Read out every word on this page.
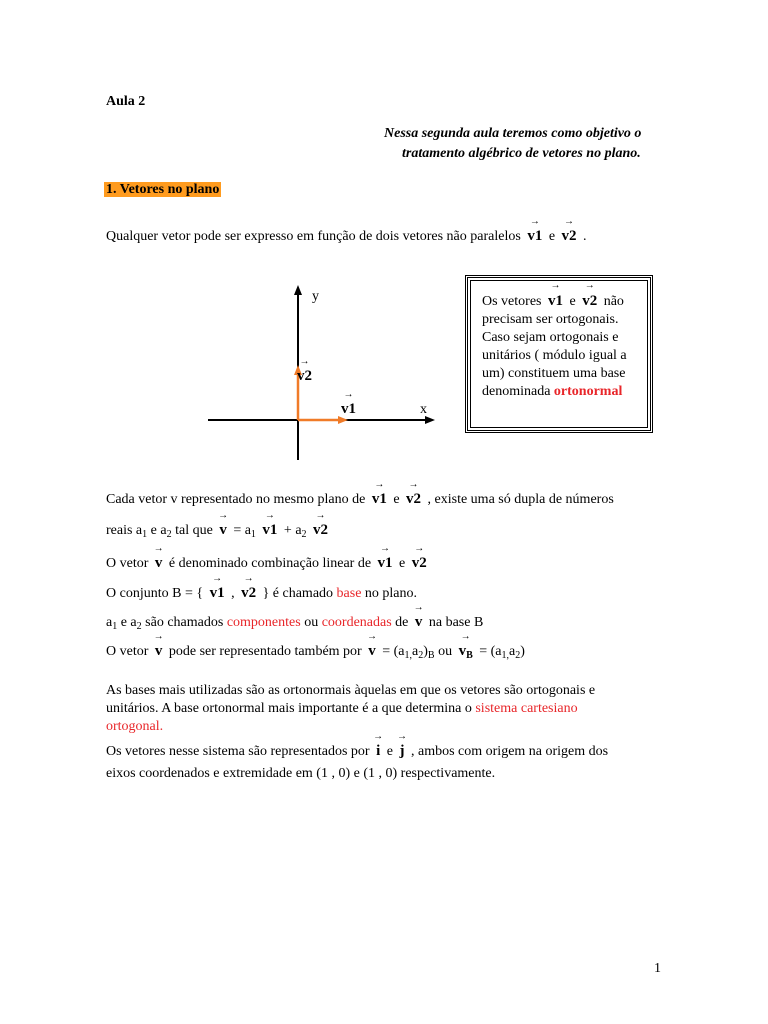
Aula 2
Nessa segunda aula teremos como objetivo o
tratamento algébrico de vetores no plano.
1. Vetores no plano
Qualquer vetor pode ser expresso em função de dois vetores não paralelos
→
v1 e
→
v2 .
y
x
→
v2
→
v1
Os vetores
→
v1 e
→
v2 não
precisam ser ortogonais.
Caso sejam ortogonais e
unitários ( módulo igual a
um) constituem uma base
denominada ortonormal
Cada vetor v representado no mesmo plano de
→
v1 e
→
v2 , existe uma só dupla de números
reais $a_1$ e $a_2$ tal que
→
$v = a_1$
→
$v1 + a_2$
→
v2
O vetor
→
v é denominado combinação linear de
→
v1 e
→
v2
O conjunto B = {
→
v1 ,
→
v2 } é chamado base no plano.
$a_1$ e $a_2$ são chamados componentes ou coordenadas de
→
v na base B
O vetor
→
v pode ser representado também por
→
$v = (a_{1,}a_2)_B$ ou
→
$v_B = (a_{1,}a_2)$
As bases mais utilizadas são as ortonormais àquelas em que os vetores são ortogonais e
unitários. A base ortonormal mais importante é a que determina o sistema cartesiano
ortogonal.
Os vetores nesse sistema são representados por
→
i e
→
j , ambos com origem na origem dos
eixos coordenados e extremidade em (1 , 0) e (1 , 0) respectivamente.
1
